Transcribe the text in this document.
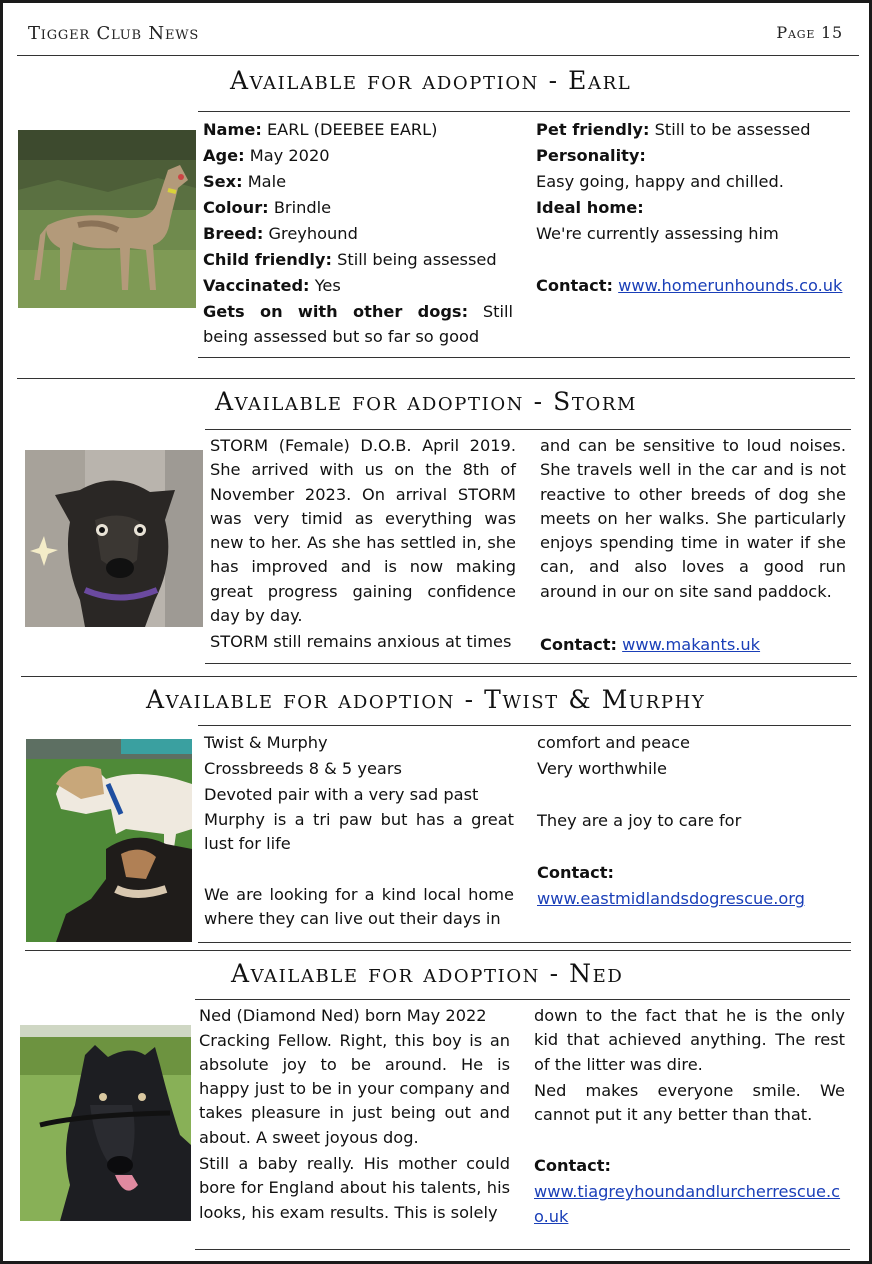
Tigger Club News	Page 15
Available for adoption - Earl

Name: EARL (DEEBEE EARL)

Age: May 2020

Sex: Male

Colour: Brindle

Breed: Greyhound

Child friendly: Still being assessed

Vaccinated: Yes

Gets on with other dogs: Still being assessed but so far so good

Pet friendly: Still to be assessed

Personality:

Easy going, happy and chilled.

Ideal home:

We're currently assessing him

Contact: www.homerunhounds.co.uk

Available for adoption - Storm

STORM (Female) D.O.B. April 2019. She arrived with us on the 8th of November 2023. On arrival STORM was very timid as everything was new to her. As she has settled in, she has improved and is now making great progress gaining confidence day by day.

STORM still remains anxious at times

and can be sensitive to loud noises. She travels well in the car and is not reactive to other breeds of dog she meets on her walks. She particularly enjoys spending time in water if she can, and also loves a good run around in our on site sand paddock.

Contact: www.makants.uk

Available for adoption - Twist & Murphy

Twist & Murphy

Crossbreeds 8 & 5 years

Devoted pair with a very sad past

Murphy is a tri paw but has a great lust for life

We are looking for a kind local home where they can live out their days in

comfort and peace

Very worthwhile

They are a joy to care for

Contact:

www.eastmidlandsdogrescue.org

Available for adoption - Ned

Ned (Diamond Ned) born May 2022

Cracking Fellow. Right, this boy is an absolute joy to be around. He is happy just to be in your company and takes pleasure in just being out and about. A sweet joyous dog.

Still a baby really. His mother could bore for England about his talents, his looks, his exam results. This is solely

down to the fact that he is the only kid that achieved anything. The rest of the litter was dire.

Ned makes everyone smile. We cannot put it any better than that.

Contact:

www.tiagreyhoundandlurcherrescue.co.uk
